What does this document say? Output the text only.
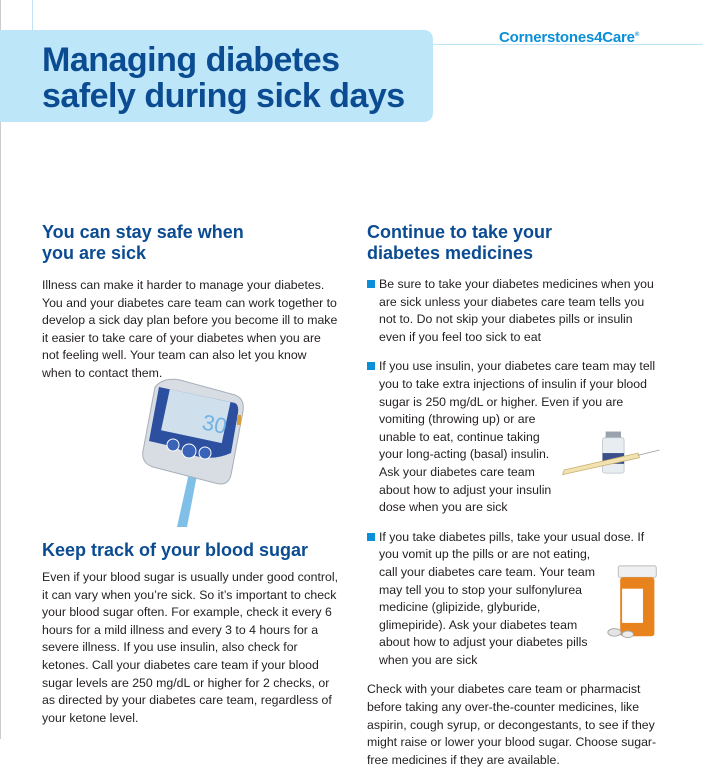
Managing diabetes
safely during sick days
Cornerstones4Care®
You can stay safe when
you are sick

Illness can make it harder to manage your diabetes. You and your diabetes care team can work together to develop a sick day plan before you become ill to make it easier to take care of your diabetes when you are not feeling well. Your team can also let you know when to contact them.

30
Keep track of your blood sugar

Even if your blood sugar is usually under good control, it can vary when you’re sick. So it’s important to check your blood sugar often. For example, check it every 6 hours for a mild illness and every 3 to 4 hours for a severe illness. If you use insulin, also check for ketones. Call your diabetes care team if your blood sugar levels are 250 mg/dL or higher for 2 checks, or as directed by your diabetes care team, regardless of your ketone level.

Continue to take your
diabetes medicines

Be sure to take your diabetes medicines when you are sick unless your diabetes care team tells you not to. Do not skip your diabetes pills or insulin even if you feel too sick to eat

If you use insulin, your diabetes care team may tell you to take extra injections of insulin if your blood sugar is 250 mg/dL or higher. Even if you are vomiting (throwing up) or are unable to eat, continue taking your long-acting (basal) insulin. Ask your diabetes care team about how to adjust your insulin dose when you are sick

If you take diabetes pills, take your usual dose. If you vomit up the pills or are not eating, call your diabetes care team. Your team may tell you to stop your sulfonylurea medicine (glipizide, glyburide, glimepiride). Ask your diabetes team about how to adjust your diabetes pills when you are sick

Check with your diabetes care team or pharmacist before taking any over-the-counter medicines, like aspirin, cough syrup, or decongestants, to see if they might raise or lower your blood sugar. Choose sugar-free medicines if they are available.
